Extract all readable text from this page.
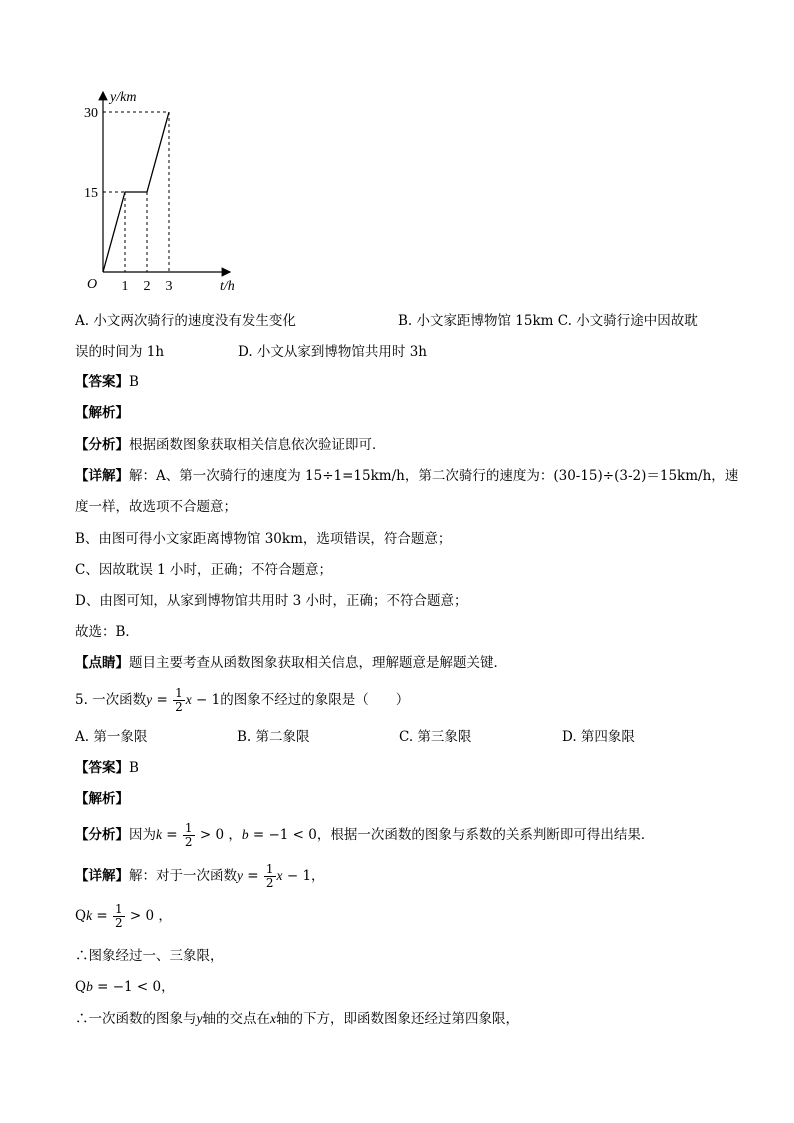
y/km
t/h
O 1 2 3
15
30
A. 小文两次骑行的速度没有发生变化	B. 小文家距博物馆 15km C. 小文骑行途中因故耽
误的时间为 1h	D. 小文从家到博物馆共用时 3h
【答案】B
【解析】
【分析】根据函数图象获取相关信息依次验证即可．
【详解】解：A、第一次骑行的速度为 15÷1=15km/h，第二次骑行的速度为：(30-15)÷(3-2)＝15km/h，速
度一样，故选项不合题意；
B、由图可得小文家距离博物馆 30km，选项错误，符合题意；
C、因故耽误 1 小时，正确；不符合题意；
D、由图可知，从家到博物馆共用时 3 小时，正确；不符合题意；
故选：B．
【点睛】题目主要考查从函数图象获取相关信息，理解题意是解题关键．
5. 一次函数$y = \frac{1}{2}$ x − 1的图象不经过的象限是（　　）
A. 第一象限	B. 第二象限	C. 第三象限	D. 第四象限
【答案】B
【解析】
【分析】因为$k = \frac{1}{2} > 0$ ，b = −1 < 0，根据一次函数的图象与系数的关系判断即可得出结果．
【详解】解：对于一次函数$y = \frac{1}{2}$ x − 1，
$Qk = \frac{1}{2} > 0$ ，
∴图象经过一、三象限，
Qb = −1 < 0，
∴一次函数的图象与y轴的交点在x轴的下方，即函数图象还经过第四象限，
